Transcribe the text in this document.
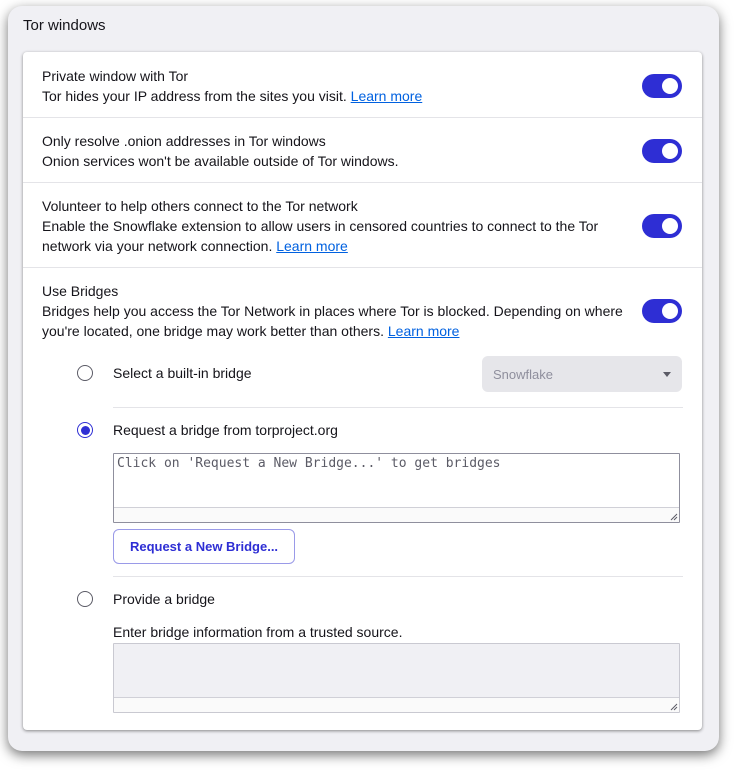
Tor windows
Private window with Tor
Tor hides your IP address from the sites you visit. Learn more
Only resolve .onion addresses in Tor windows
Onion services won't be available outside of Tor windows.
Volunteer to help others connect to the Tor network
Enable the Snowflake extension to allow users in censored countries to connect to the Tor network via your network connection. Learn more
Use Bridges
Bridges help you access the Tor Network in places where Tor is blocked. Depending on where you're located, one bridge may work better than others. Learn more
Select a built-in bridge	Snowflake
Request a bridge from torproject.org
Click on 'Request a New Bridge...' to get bridges
Request a New Bridge...
Provide a bridge
Enter bridge information from a trusted source.
